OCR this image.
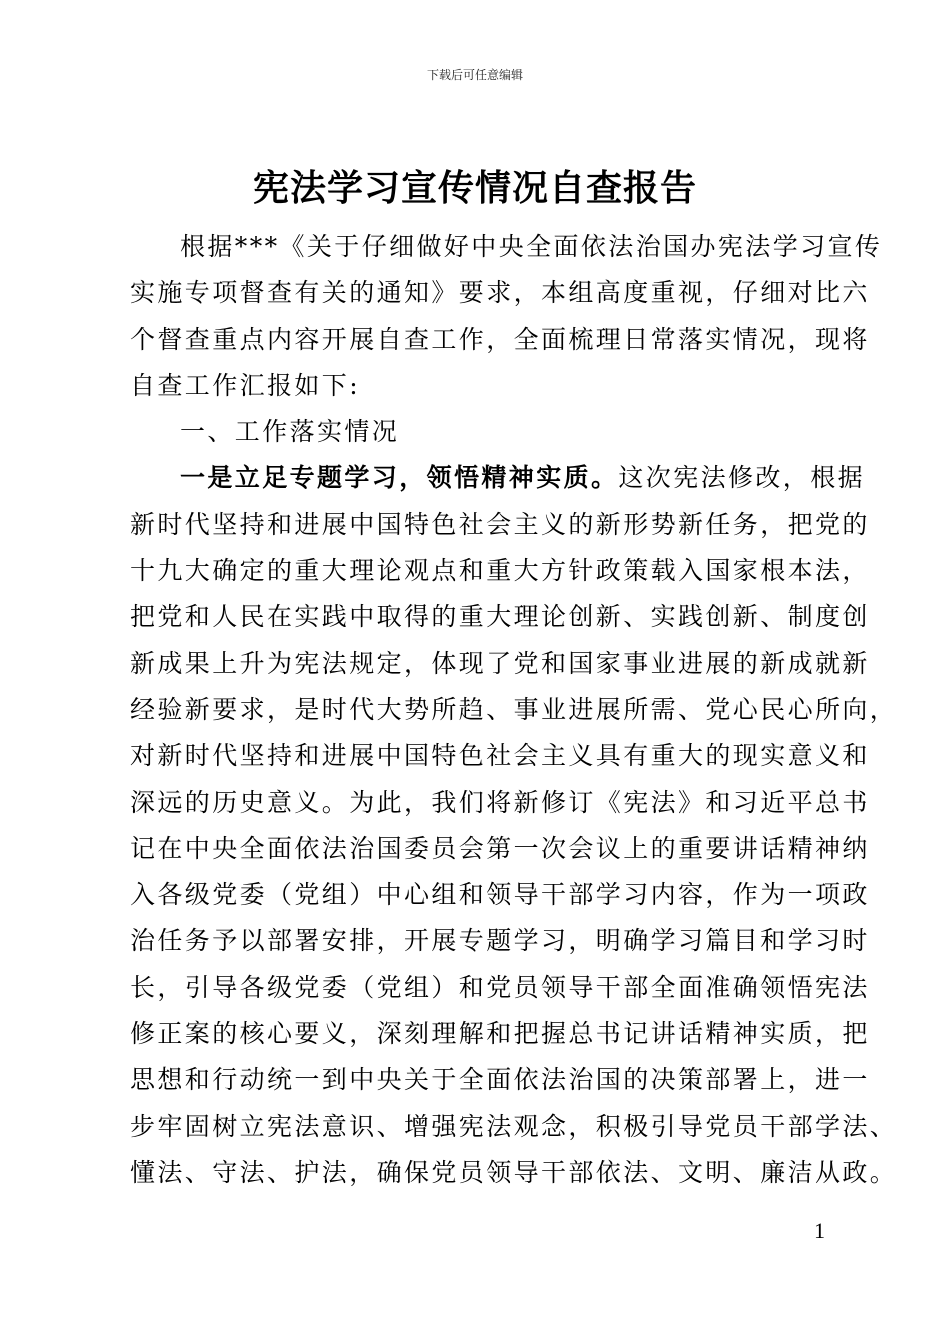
下载后可任意编辑
宪法学习宣传情况自查报告
根据***《关于仔细做好中央全面依法治国办宪法学习宣传
实施专项督查有关的通知》要求，本组高度重视，仔细对比六
个督查重点内容开展自查工作，全面梳理日常落实情况，现将
自查工作汇报如下:
一、工作落实情况
一是立足专题学习，领悟精神实质。这次宪法修改，根据
新时代坚持和进展中国特色社会主义的新形势新任务，把党的
十九大确定的重大理论观点和重大方针政策载入国家根本法，
把党和人民在实践中取得的重大理论创新、实践创新、制度创
新成果上升为宪法规定，体现了党和国家事业进展的新成就新
经验新要求，是时代大势所趋、事业进展所需、党心民心所向，
对新时代坚持和进展中国特色社会主义具有重大的现实意义和
深远的历史意义。为此，我们将新修订《宪法》和习近平总书
记在中央全面依法治国委员会第一次会议上的重要讲话精神纳
入各级党委（党组）中心组和领导干部学习内容，作为一项政
治任务予以部署安排，开展专题学习，明确学习篇目和学习时
长，引导各级党委（党组）和党员领导干部全面准确领悟宪法
修正案的核心要义，深刻理解和把握总书记讲话精神实质，把
思想和行动统一到中央关于全面依法治国的决策部署上，进一
步牢固树立宪法意识、增强宪法观念，积极引导党员干部学法、
懂法、守法、护法，确保党员领导干部依法、文明、廉洁从政。
1
